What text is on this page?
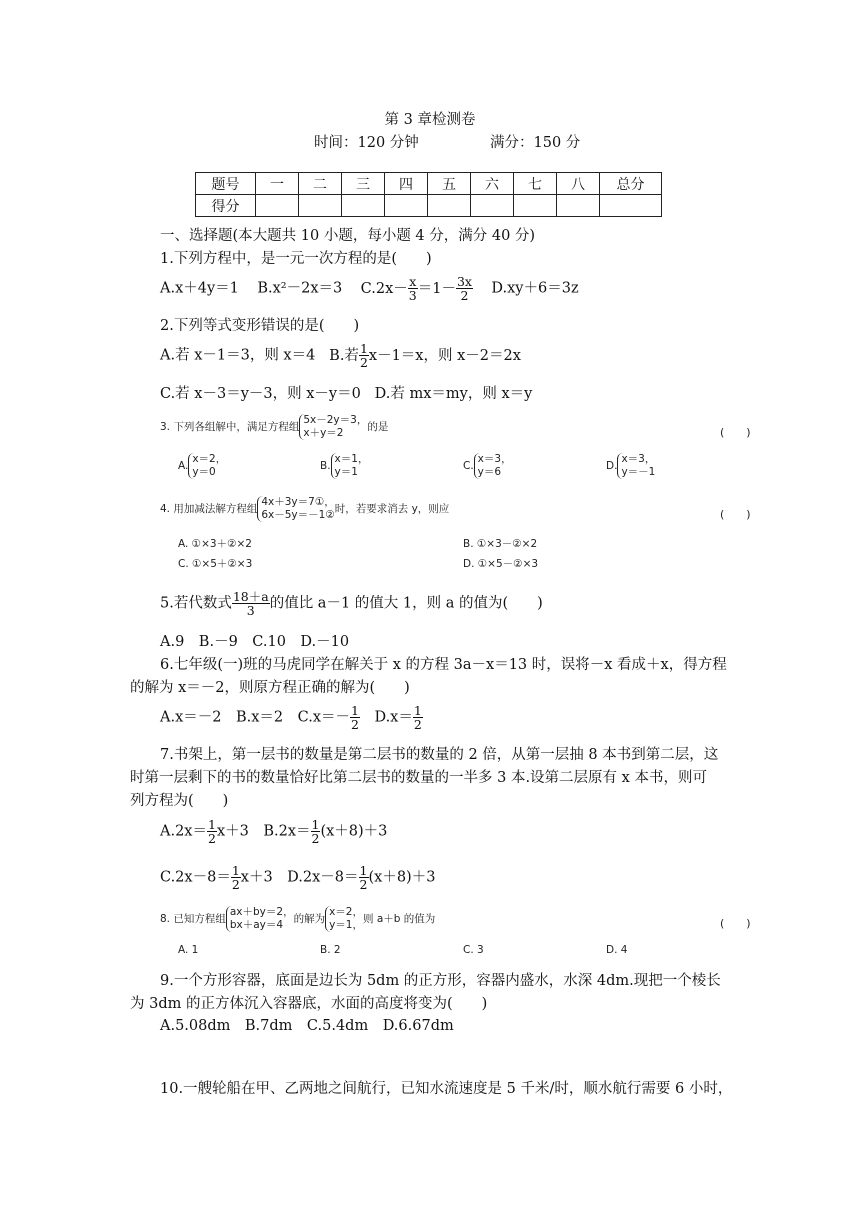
第 3 章检测卷
时间：120 分钟	满分：150 分
题号	一	二	三	四	五	六	七	八	总分
得分									
一、选择题(本大题共 10 小题，每小题 4 分，满分 40 分)
1.下列方程中，是一元一次方程的是(　　)
A.x＋4y＝1 B.x²－2x＝3 $C.2x- \frac{x}{3} =1- \frac{3x}{2} D.xy+6=3z$
2.下列等式变形错误的是(　　)
A.若 x－1＝3，则 x＝4 B.若 $\frac{1}{2} x-1=x$，则 x－2＝2x
C.若 x－3＝y－3，则 x－y＝0 D.若 mx＝my，则 x＝y
3. 下列各组解中，满足方程组
5x－2y＝3，
x＋y＝2	的是	(　　)
A.
x＝2，
y＝0	B.
x＝1，
y＝1	C.
x＝3，
y＝6	D.
x＝3，
y＝－1
4. 用加减法解方程组
4x＋3y＝7①，
6x－5y＝－1② 时，若要求消去 y，则应	(　　)
A. ①×3＋②×2	B. ①×3－②×2
C. ①×5＋②×3	D. ①×5－②×3
5.若代数式 $\frac{18+a}{3}$ 的值比 a－1 的值大 1，则 a 的值为(　　)
A.9　B.－9　C.10　D.－10
6.七年级(一)班的马虎同学在解关于 x 的方程 3a－x＝13 时，误将－x 看成＋x，得方程
的解为 x＝－2，则原方程正确的解为(　　)
A.x＝－2　B.x＝2　$C.x=- \frac{1}{2}$ 　$D.x= \frac{1}{2}$
7.书架上，第一层书的数量是第二层书的数量的 2 倍，从第一层抽 8 本书到第二层，这
时第一层剩下的书的数量恰好比第二层书的数量的一半多 3 本.设第二层原有 x 本书，则可
列方程为(　　)
$A.2x= \frac{1}{2} x+3$　$B.2x= \frac{1}{2} (x+8)+3$
$C.2x-8= \frac{1}{2} x+3$　$D.2x-8= \frac{1}{2} (x+8)+3$
8. 已知方程组
ax＋by＝2，
bx＋ay＝4	的解为
x＝2，
y＝1， 则 a＋b 的值为	(　　)
A. 1	B. 2	C. 3	D. 4
9.一个方形容器，底面是边长为 5dm 的正方形，容器内盛水，水深 4dm.现把一个棱长
为 3dm 的正方体沉入容器底，水面的高度将变为(　　)
A.5.08dm　B.7dm　C.5.4dm　D.6.67dm
10.一艘轮船在甲、乙两地之间航行，已知水流速度是 5 千米/时，顺水航行需要 6 小时，
